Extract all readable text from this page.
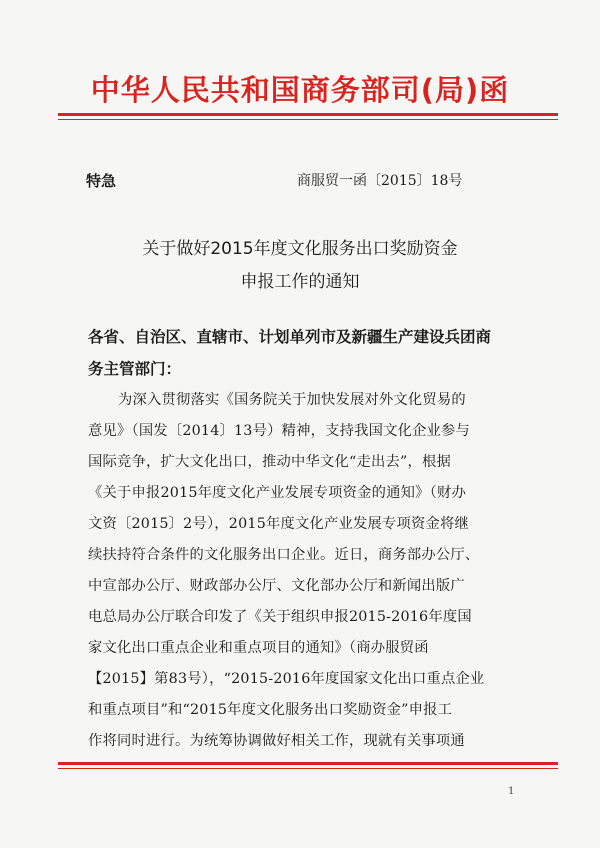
中华人民共和国商务部司(局)函
特急	商服贸一函〔2015〕18号
关于做好2015年度文化服务出口奖励资金
申报工作的通知
各省、自治区、直辖市、计划单列市及新疆生产建设兵团商
务主管部门：
为深入贯彻落实《国务院关于加快发展对外文化贸易的
意见》（国发〔2014〕13号）精神，支持我国文化企业参与
国际竞争，扩大文化出口，推动中华文化“走出去”，根据
《关于申报2015年度文化产业发展专项资金的通知》（财办
文资〔2015〕2号），2015年度文化产业发展专项资金将继
续扶持符合条件的文化服务出口企业。近日，商务部办公厅、
中宣部办公厅、财政部办公厅、文化部办公厅和新闻出版广
电总局办公厅联合印发了《关于组织申报2015-2016年度国
家文化出口重点企业和重点项目的通知》（商办服贸函
【2015】第83号），“2015-2016年度国家文化出口重点企业
和重点项目”和“2015年度文化服务出口奖励资金”申报工
作将同时进行。为统筹协调做好相关工作，现就有关事项通
1
